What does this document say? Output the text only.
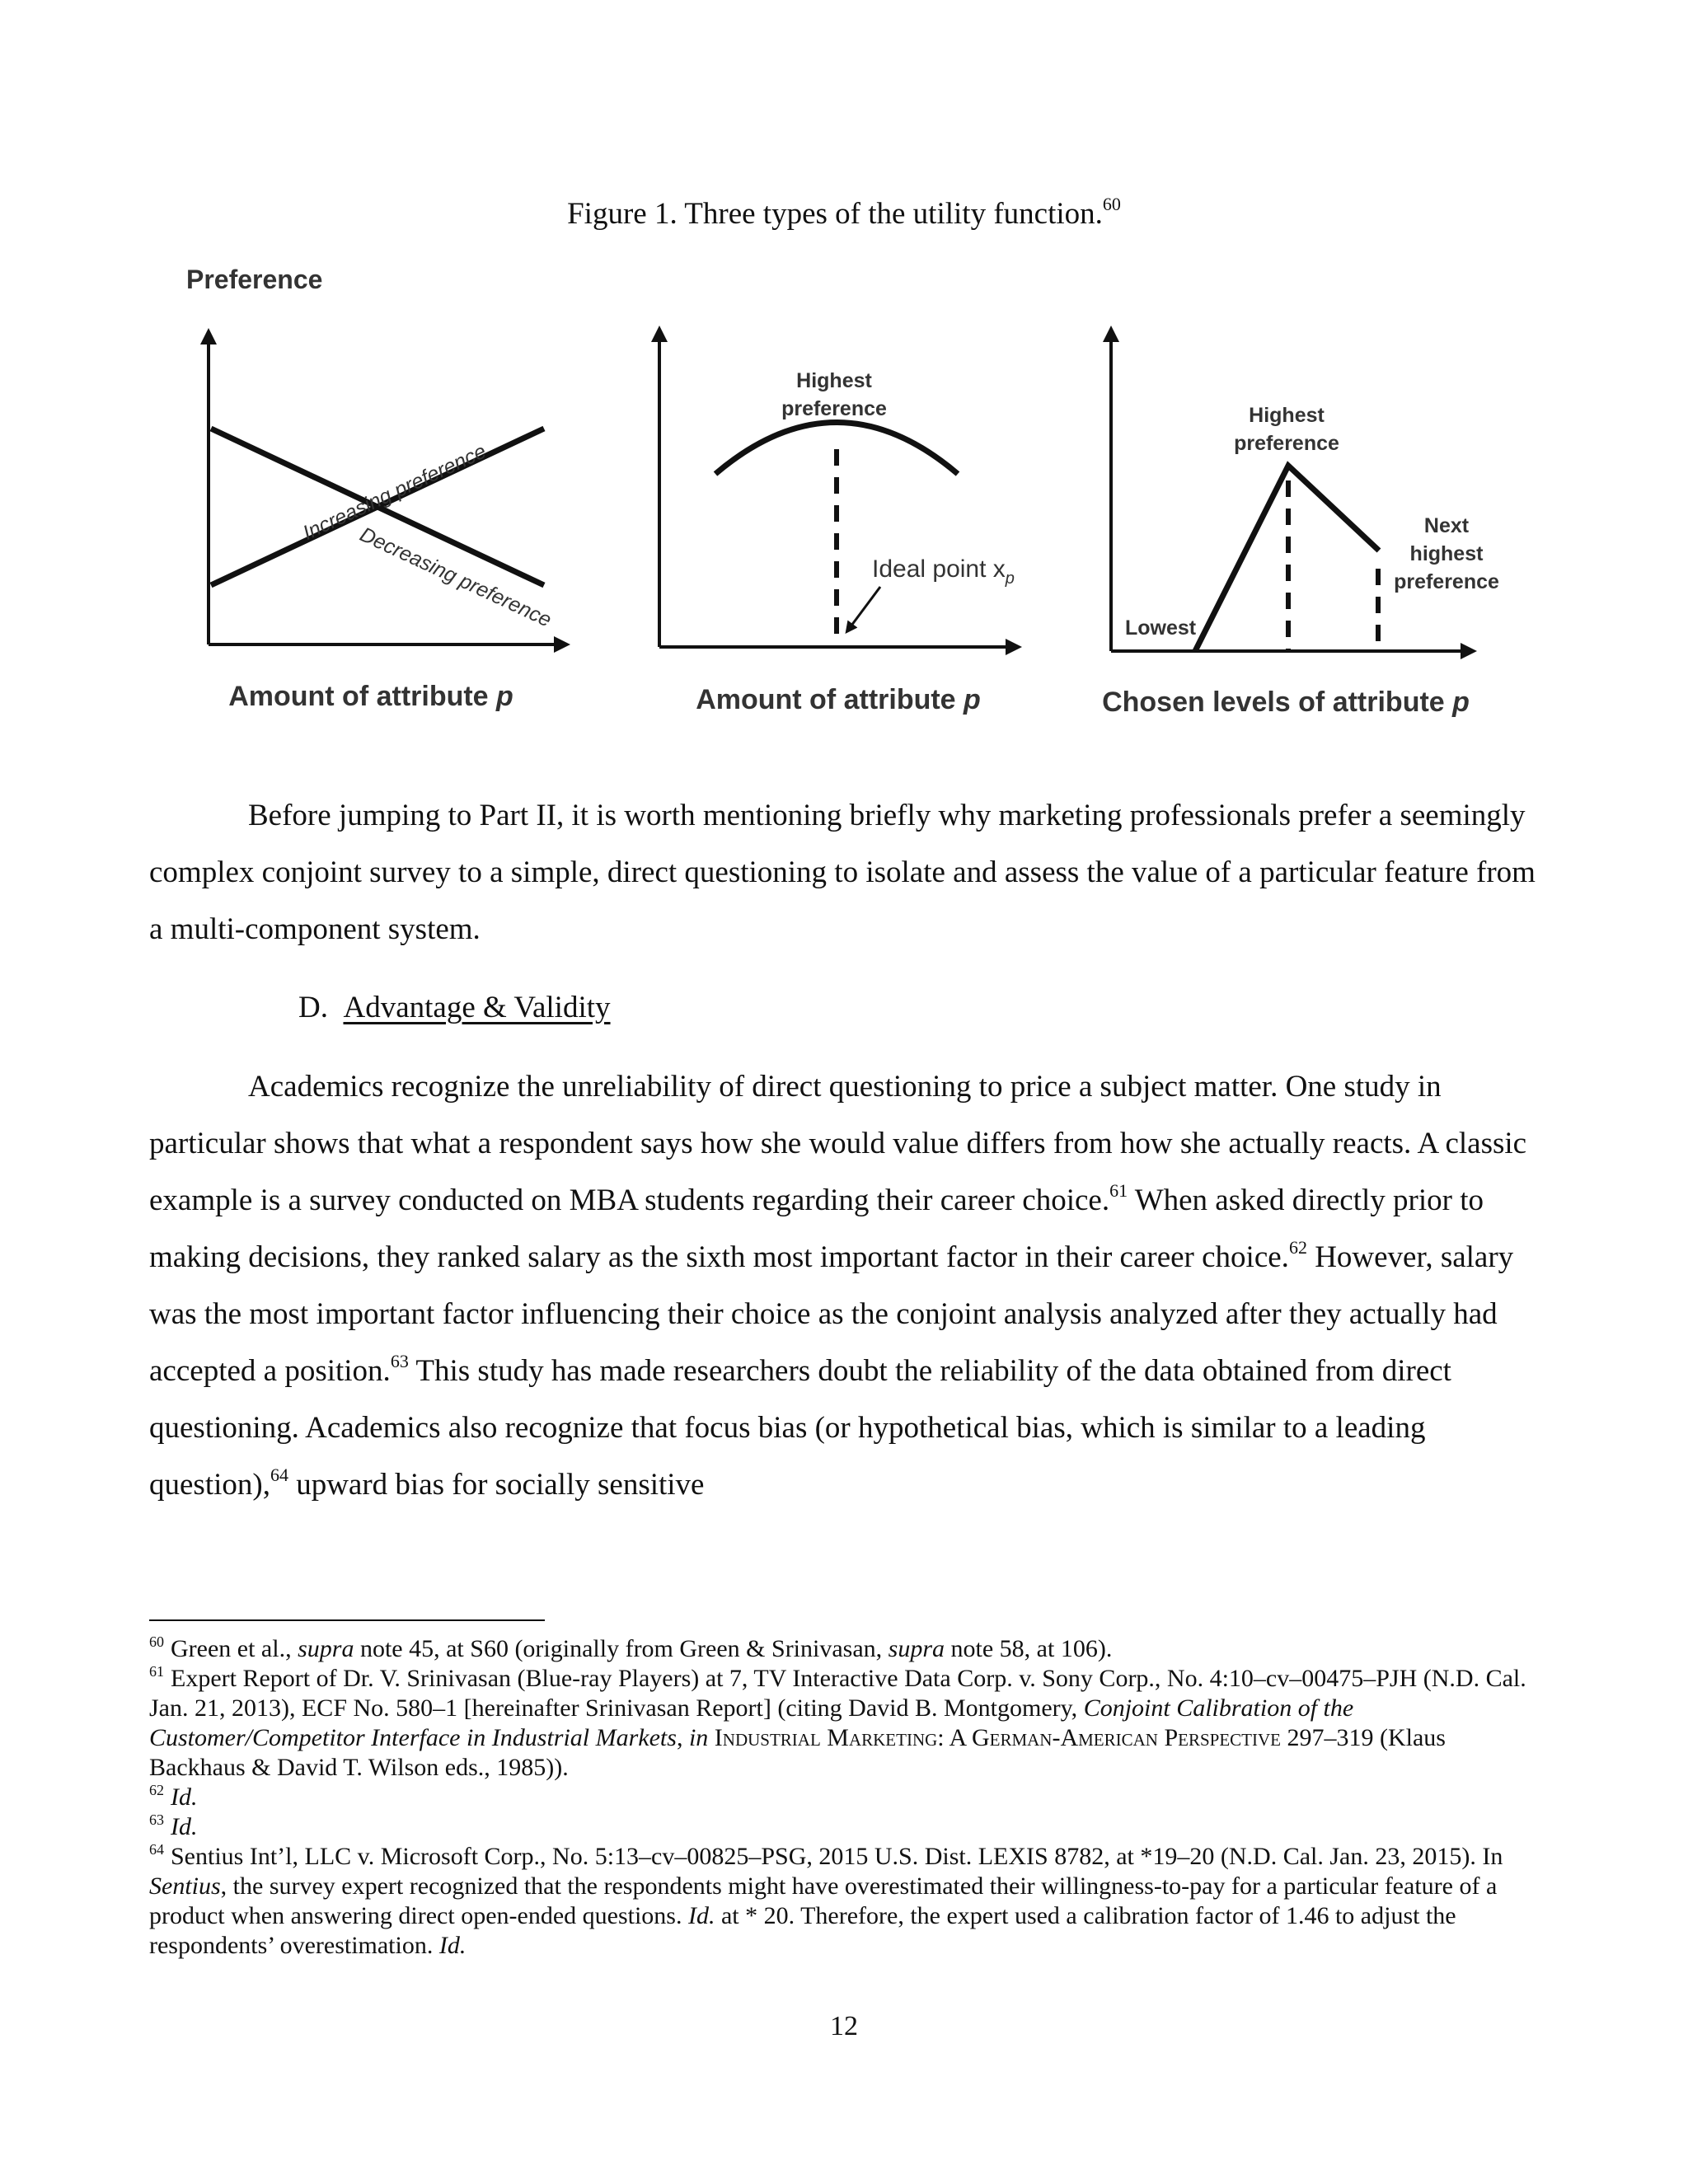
Figure 1. Three types of the utility function.$^{60}$
Preference
Increasing preference
Decreasing preference
Amount of attribute p
Highest
preference
Ideal point $x_p$
Amount of attribute p
Highest
preference
Next
highest
preference
Lowest
Chosen levels of attribute p

Before jumping to Part II, it is worth mentioning briefly why marketing professionals prefer a seemingly complex conjoint survey to a simple, direct questioning to isolate and assess the value of a particular feature from a multi-component system.

D. Advantage & Validity

Academics recognize the unreliability of direct questioning to price a subject matter. One study in particular shows that what a respondent says how she would value differs from how she actually reacts. A classic example is a survey conducted on MBA students regarding their career choice.$^{61}$ When asked directly prior to making decisions, they ranked salary as the sixth most important factor in their career choice.$^{62}$ However, salary was the most important factor influencing their choice as the conjoint analysis analyzed after they actually had accepted a position.$^{63}$ This study has made researchers doubt the reliability of the data obtained from direct questioning. Academics also recognize that focus bias (or hypothetical bias, which is similar to a leading question),$^{64}$ upward bias for socially sensitive

$^{60}$ Green et al., supra note 45, at S60 (originally from Green & Srinivasan, supra note 58, at 106).

$^{61}$ Expert Report of Dr. V. Srinivasan (Blue-ray Players) at 7, TV Interactive Data Corp. v. Sony Corp., No. 4:10–cv–00475–PJH (N.D. Cal. Jan. 21, 2013), ECF No. 580–1 [hereinafter Srinivasan Report] (citing David B. Montgomery, Conjoint Calibration of the Customer/Competitor Interface in Industrial Markets, in Industrial Marketing: A German-American Perspective 297–319 (Klaus Backhaus & David T. Wilson eds., 1985)).

$^{62}$ Id.

$^{63}$ Id.

$^{64}$ Sentius Int’l, LLC v. Microsoft Corp., No. 5:13–cv–00825–PSG, 2015 U.S. Dist. LEXIS 8782, at *19–20 (N.D. Cal. Jan. 23, 2015). In Sentius, the survey expert recognized that the respondents might have overestimated their willingness-to-pay for a particular feature of a product when answering direct open-ended questions. Id. at * 20. Therefore, the expert used a calibration factor of 1.46 to adjust the respondents’ overestimation. Id.

12
